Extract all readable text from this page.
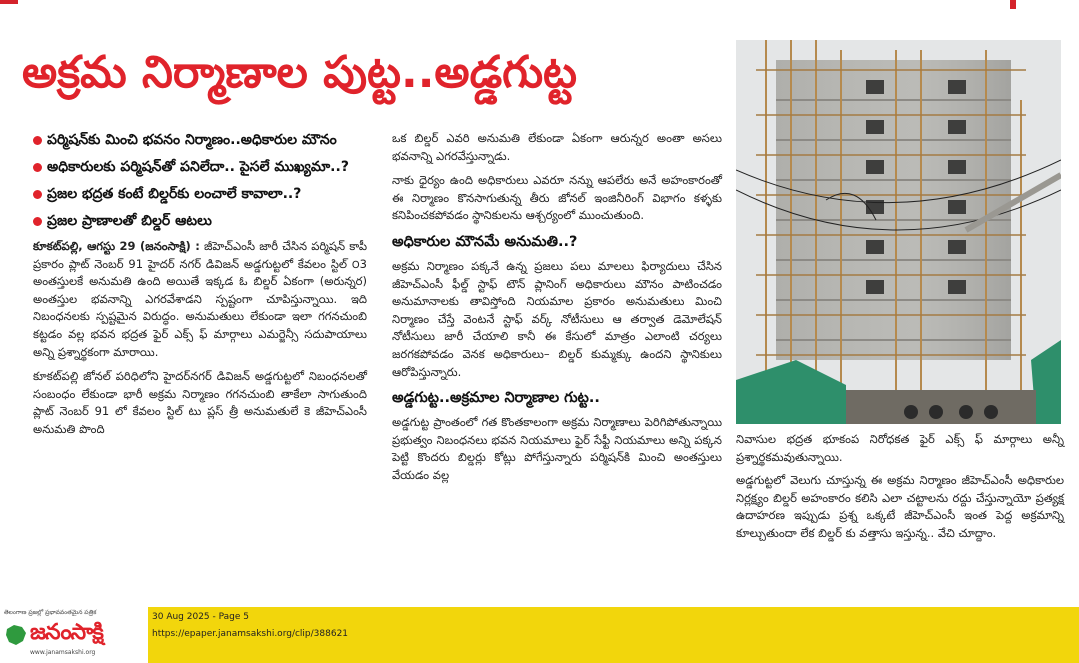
అక్రమ నిర్మాణాల పుట్ట..అడ్డగుట్ట
పర్మిషన్‌కు మించి భవనం నిర్మాణం..అధికారుల మౌనం
అధికారులకు పర్మిషన్‌తో పనిలేదా.. పైసలే ముఖ్యమా..?
ప్రజల భద్రత కంటే బిల్డర్‌కు లంచాలే కావాలా..?
ప్రజల ప్రాణాలతో బిల్డర్ ఆటలు

కూకట్‌పల్లి, ఆగస్టు 29 (జనంసాక్షి) : జీహెచ్ఎంసీ జారీ చేసిన పర్మిషన్ కాపీ ప్రకారం ప్లాట్ నెంబర్ 91 హైదర్ నగర్ డివిజన్ అడ్డగుట్టలో కేవలం స్టిల్ ౦3 అంతస్తులకే అనుమతి ఉంది అయితే ఇక్కడ ఓ బిల్డర్ ఏకంగా (అరున్నర) అంతస్తుల భవనాన్ని ఎగరవేశాడని స్పష్టంగా చూపిస్తున్నాయి. ఇది నిబంధనలకు స్పష్టమైన విరుద్ధం. అనుమతులు లేకుండా ఇలా గగనచుంబి కట్టడం వల్ల భవన భద్రత ఫైర్ ఎక్స్ ఫ్ మార్గాలు ఎమర్జెన్సీ సదుపాయాలు అన్ని ప్రశ్నార్థకంగా మారాయి.

కూకట్‌పల్లి జోనల్ పరిధిలోని హైదర్‌నగర్ డివిజన్ అడ్డగుట్టలో నిబంధనలతో సంబంధం లేకుండా భారీ అక్రమ నిర్మాణం గగనచుంబి తాకేలా సాగుతుంది ప్లాట్ నెంబర్ 91 లో కేవలం స్టిల్ టు ప్లస్ త్రీ అనుమతులే కె జీహెచ్ఎంసీ అనుమతి పొంది

ఒక బిల్డర్ ఎవరి అనుమతి లేకుండా ఏకంగా ఆరున్నర అంతా అసలు భవనాన్ని ఎగరవేస్తున్నాడు.

నాకు ధైర్యం ఉంది అధికారులు ఎవరూ నన్ను ఆపలేరు అనే అహంకారంతో ఈ నిర్మాణం కొనసాగుతున్న తీరు జోనల్ ఇంజినీరింగ్ విభాగం కళ్ళకు కనిపించకపోవడం స్థానికులను ఆశ్చర్యంలో ముంచుతుంది.

అధికారుల మౌనమే అనుమతి..?

అక్రమ నిర్మాణం పక్కనే ఉన్న ప్రజలు పలు మాలలు ఫిర్యాదులు చేసిన జీహెచ్ఎంసీ ఫీల్డ్ స్టాఫ్ టౌన్ ప్లానింగ్ అధికారులు మౌనం పాటించడం అనుమానాలకు తావిస్తోంది నియమాల ప్రకారం అనుమతులు మించి నిర్మాణం చేస్తే వెంటనే స్టాఫ్ వర్క్ నోటీసులు ఆ తర్వాత డెమోలేషన్ నోటీసులు జారీ చేయాలి కానీ ఈ కేసులో మాత్రం ఎలాంటి చర్యలు జరగకపోవడం వెనక అధికారులు– బిల్డర్ కుమ్మక్కు ఉందని స్థానికులు ఆరోపిస్తున్నారు.

అడ్డగుట్ట..అక్రమాల నిర్మాణాల గుట్ట..

అడ్డగుట్ట ప్రాంతంలో గత కొంతకాలంగా అక్రమ నిర్మాణాలు పెరిగిపోతున్నాయి ప్రభుత్వం నిబంధనలు భవన నియమాలు ఫైర్ సేఫ్టీ నియమాలు అన్ని పక్కన పెట్టి కొందరు బిల్డర్లు కోట్లు పోగేస్తున్నారు పర్మిషన్‌కి మించి అంతస్తులు వేయడం వల్ల

నివాసుల భద్రత భూకంప నిరోధకత ఫైర్ ఎక్స్ ఫ్ మార్గాలు అన్నీ ప్రశ్నార్థకమవుతున్నాయి.

అడ్డగుట్టలో వెలుగు చూస్తున్న ఈ అక్రమ నిర్మాణం జీహెచ్ఎంసీ అధికారుల నిర్లక్ష్యం బిల్డర్ అహంకారం కలిసి ఎలా చట్టాలను రద్దు చేస్తున్నాయో ప్రత్యక్ష ఉదాహరణ ఇప్పుడు ప్రశ్న ఒక్కటే జీహెచ్ఎంసీ ఇంత పెద్ద అక్రమాన్ని కూల్చుతుందా లేక బిల్డర్ కు వత్తాసు ఇస్తున్న.. వేచి చూద్దాం.

తెలంగాణ ప్రజల్లో ప్రభావవంతమైన పత్రిక
జనంసాక్షి
www.janamsakshi.org
30 Aug 2025 - Page 5
https://epaper.janamsakshi.org/clip/388621
